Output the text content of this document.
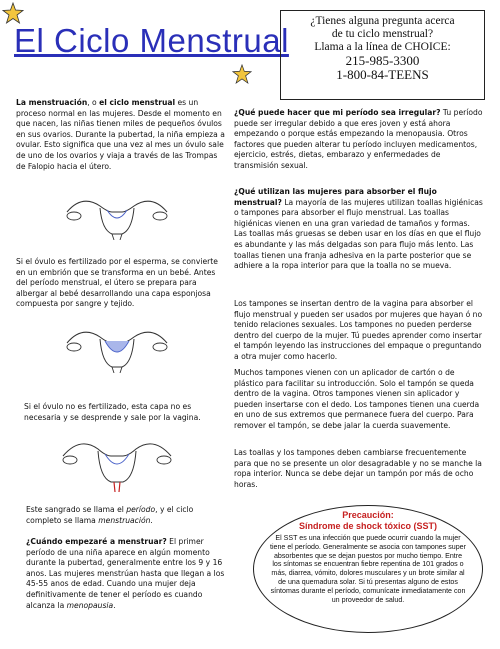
El Ciclo Menstrual
¿Tienes alguna pregunta acerca
de tu ciclo menstrual?
Llama a la línea de CHOICE:
215-985-3300
1-800-84-TEENS

La menstruación, o el ciclo menstrual es un proceso normal en las mujeres. Desde el momento en que nacen, las niñas tienen miles de pequeños óvulos en sus ovarios. Durante la pubertad, la niña empieza a ovular. Esto significa que una vez al mes un óvulo sale de uno de los ovarios y viaja a través de las Trompas de Falopio hacia el útero.

Si el óvulo es fertilizado por el esperma, se convierte en un embrión que se transforma en un bebé. Antes del período menstrual, el útero se prepara para albergar al bebé desarrollando una capa esponjosa compuesta por sangre y tejido.

Si el óvulo no es fertilizado, esta capa no es necesaria y se desprende y sale por la vagina.

Este sangrado se llama el período, y el ciclo completo se llama menstruación.

¿Cuándo empezaré a menstruar? El primer período de una niña aparece en algún momento durante la pubertad, generalmente entre los 9 y 16 anos. Las mujeres menstrúan hasta que llegan a los 45-55 anos de edad. Cuando una mujer deja definitivamente de tener el período es cuando alcanza la menopausia.

¿Qué puede hacer que mi período sea irregular? Tu período puede ser irregular debido a que eres joven y está ahora empezando o porque estás empezando la menopausia. Otros factores que pueden alterar tu período incluyen medicamentos, ejercicio, estrés, dietas, embarazo y enfermedades de transmisión sexual.

¿Qué utilizan las mujeres para absorber el flujo menstrual? La mayoría de las mujeres utilizan toallas higiénicas o tampones para absorber el flujo menstrual. Las toallas higiénicas vienen en una gran variedad de tamaños y formas. Las toallas más gruesas se deben usar en los días en que el flujo es abundante y las más delgadas son para flujo más lento. Las toallas tienen una franja adhesiva en la parte posterior que se adhiere a la ropa interior para que la toalla no se mueva.

Los tampones se insertan dentro de la vagina para absorber el flujo menstrual y pueden ser usados por mujeres que hayan ó no tenido relaciones sexuales. Los tampones no pueden perderse dentro del cuerpo de la mujer. Tú puedes aprender como insertar el tampón leyendo las instrucciones del empaque o preguntando a otra mujer como hacerlo.

Muchos tampones vienen con un aplicador de cartón o de plástico para facilitar su introducción. Solo el tampón se queda dentro de la vagina. Otros tampones vienen sin aplicador y pueden insertarse con el dedo. Los tampones tienen una cuerda en uno de sus extremos que permanece fuera del cuerpo. Para remover el tampón, se debe jalar la cuerda suavemente.

Las toallas y los tampones deben cambiarse frecuentemente para que no se presente un olor desagradable y no se manche la ropa interior. Nunca se debe dejar un tampón por más de ocho horas.

Precaución:
Síndrome de shock tóxico (SST)
El SST es una infección que puede ocurrir cuando la mujer tiene el período. Generalmente se asocia con tampones super absorbentes que se dejan puestos por mucho tiempo. Entre los síntomas se encuentran fiebre repentina de 101 grados o más, diarrea, vómito, dolores musculares y un brote similar al de una quemadura solar. Si tú presentas alguno de estos síntomas durante el período, comunícate inmediatamente con un proveedor de salud.
